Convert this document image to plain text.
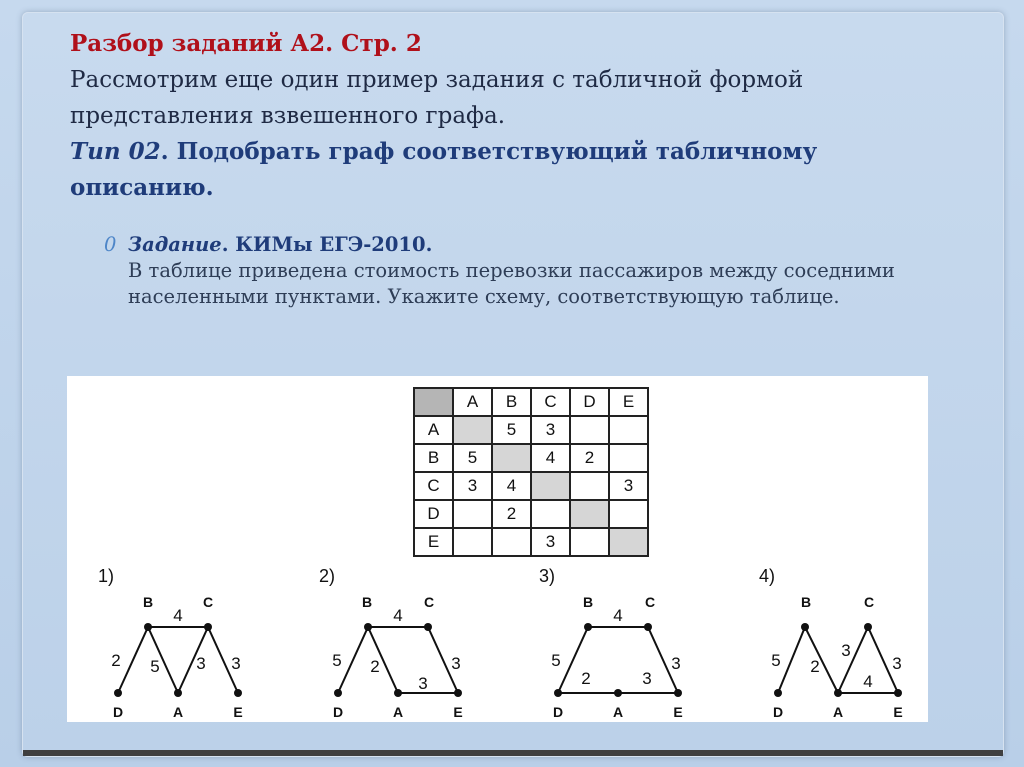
Разбор заданий А2. Стр. 2
Рассмотрим еще один пример задания с табличной формой представления взвешенного графа.
Тип 02. Подобрать граф соответствующий табличному описанию.
0 Задание. КИМы ЕГЭ-2010.
В таблице приведена стоимость перевозки пассажиров между соседними населенными пунктами. Укажите схему, соответствующую таблице.
	A	B	C	D	E
A		5	3		
B	5		4	2	
C	3	4			3
D		2			
E			3		
1)
4
2 5 3 3
B	C
D	A	E
2)
4
5 2	3
3
B	C
D	A	E
3)
4
5
2	3
3
B	C
D	A	E
4)
5 2
3
3
4
B	C
D	A	E
